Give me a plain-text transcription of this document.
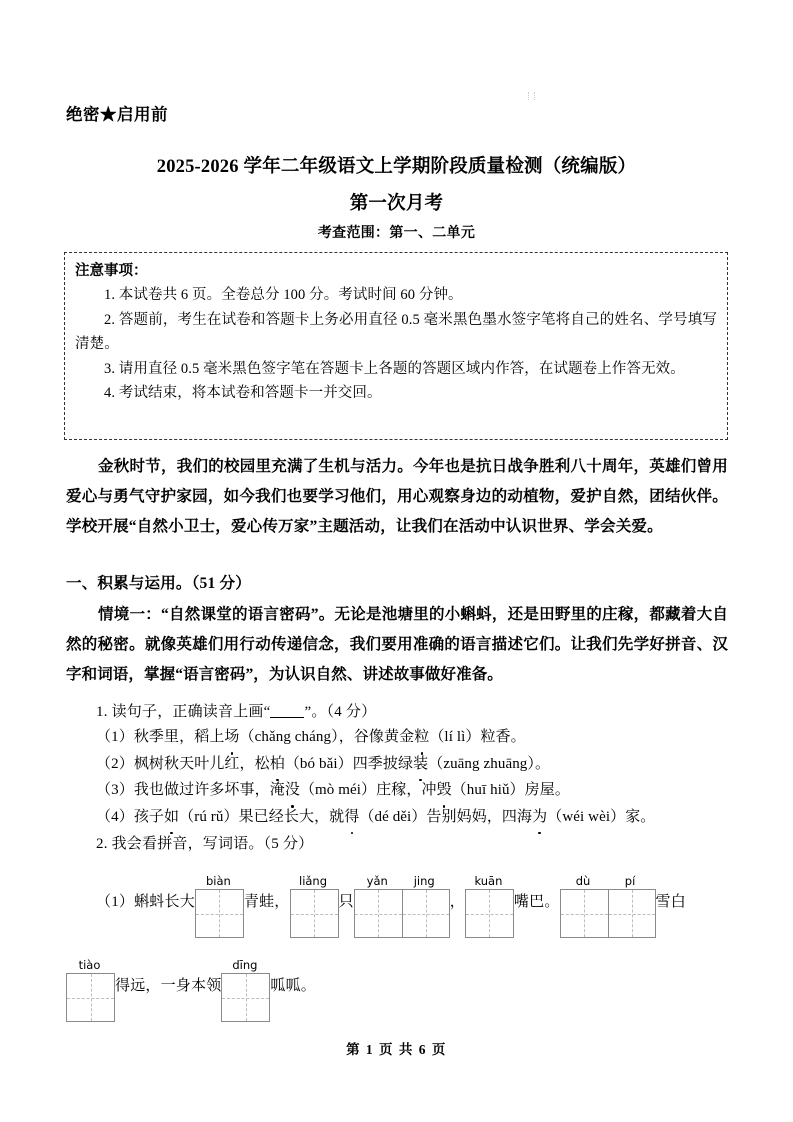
绝密★启用前
2025-2026 学年二年级语文上学期阶段质量检测（统编版）
第一次月考
考查范围：第一、二单元
注意事项：
1. 本试卷共 6 页。全卷总分 100 分。考试时间 60 分钟。
2. 答题前，考生在试卷和答题卡上务必用直径 0.5 毫米黑色墨水签字笔将自己的姓名、学号填写清楚。
3. 请用直径 0.5 毫米黑色签字笔在答题卡上各题的答题区域内作答，在试题卷上作答无效。
4. 考试结束，将本试卷和答题卡一并交回。
金秋时节，我们的校园里充满了生机与活力。今年也是抗日战争胜利八十周年，英雄们曾用爱心与勇气守护家园，如今我们也要学习他们，用心观察身边的动植物，爱护自然，团结伙伴。学校开展“自然小卫士，爱心传万家”主题活动，让我们在活动中认识世界、学会关爱。
一、积累与运用。（51 分）
情境一：“自然课堂的语言密码”。无论是池塘里的小蝌蚪，还是田野里的庄稼，都藏着大自然的秘密。就像英雄们用行动传递信念，我们要用准确的语言描述它们。让我们先学好拼音、汉字和词语，掌握“语言密码”，为认识自然、讲述故事做好准备。
1. 读句子，正确读音上画“ ”。（4 分）
（1）秋季里，稻上场（chǎng cháng），谷像黄金粒（lí lì）粒香。
（2）枫树秋天叶儿红，松柏（bó bǎi）四季披绿装（zuāng zhuāng）。
（3）我也做过许多坏事，淹没（mò méi）庄稼，冲毁（huī hiǔ）房屋。
（4）孩子如（rú rǔ）果已经长大，就得（dé děi）告别妈妈，四海为（wéi wèi）家。
2. 我会看拼音，写词语。（5 分）
（1）蝌蚪长大
biàn
青蛙，
liǎng
只
yǎn	jing
，
kuān
嘴巴。
dù	pí
雪白
tiào
得远，一身本领
dīng
呱呱。
第 1 页 共 6 页
